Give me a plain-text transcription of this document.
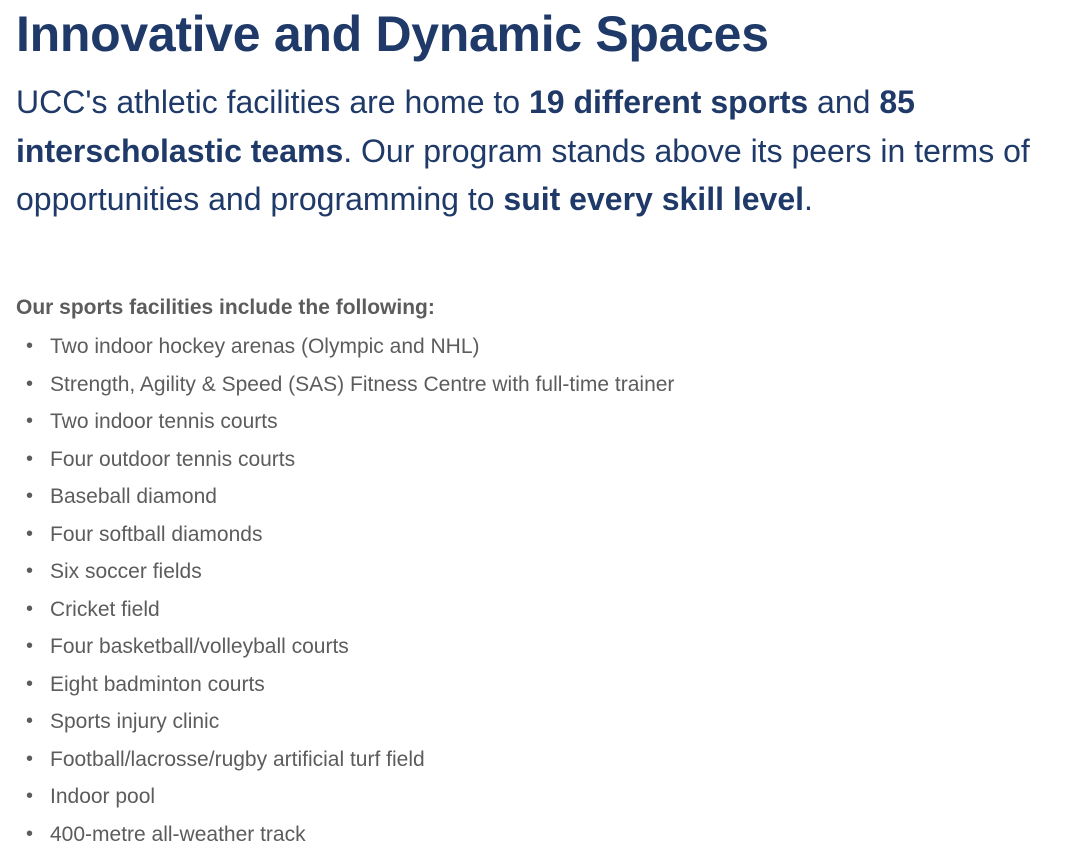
Innovative and Dynamic Spaces

UCC's athletic facilities are home to 19 different sports and 85 interscholastic teams. Our program stands above its peers in terms of opportunities and programming to suit every skill level.

Our sports facilities include the following:

• Two indoor hockey arenas (Olympic and NHL)
• Strength, Agility & Speed (SAS) Fitness Centre with full-time trainer
• Two indoor tennis courts
• Four outdoor tennis courts
• Baseball diamond
• Four softball diamonds
• Six soccer fields
• Cricket field
• Four basketball/volleyball courts
• Eight badminton courts
• Sports injury clinic
• Football/lacrosse/rugby artificial turf field
• Indoor pool
• 400-metre all-weather track
